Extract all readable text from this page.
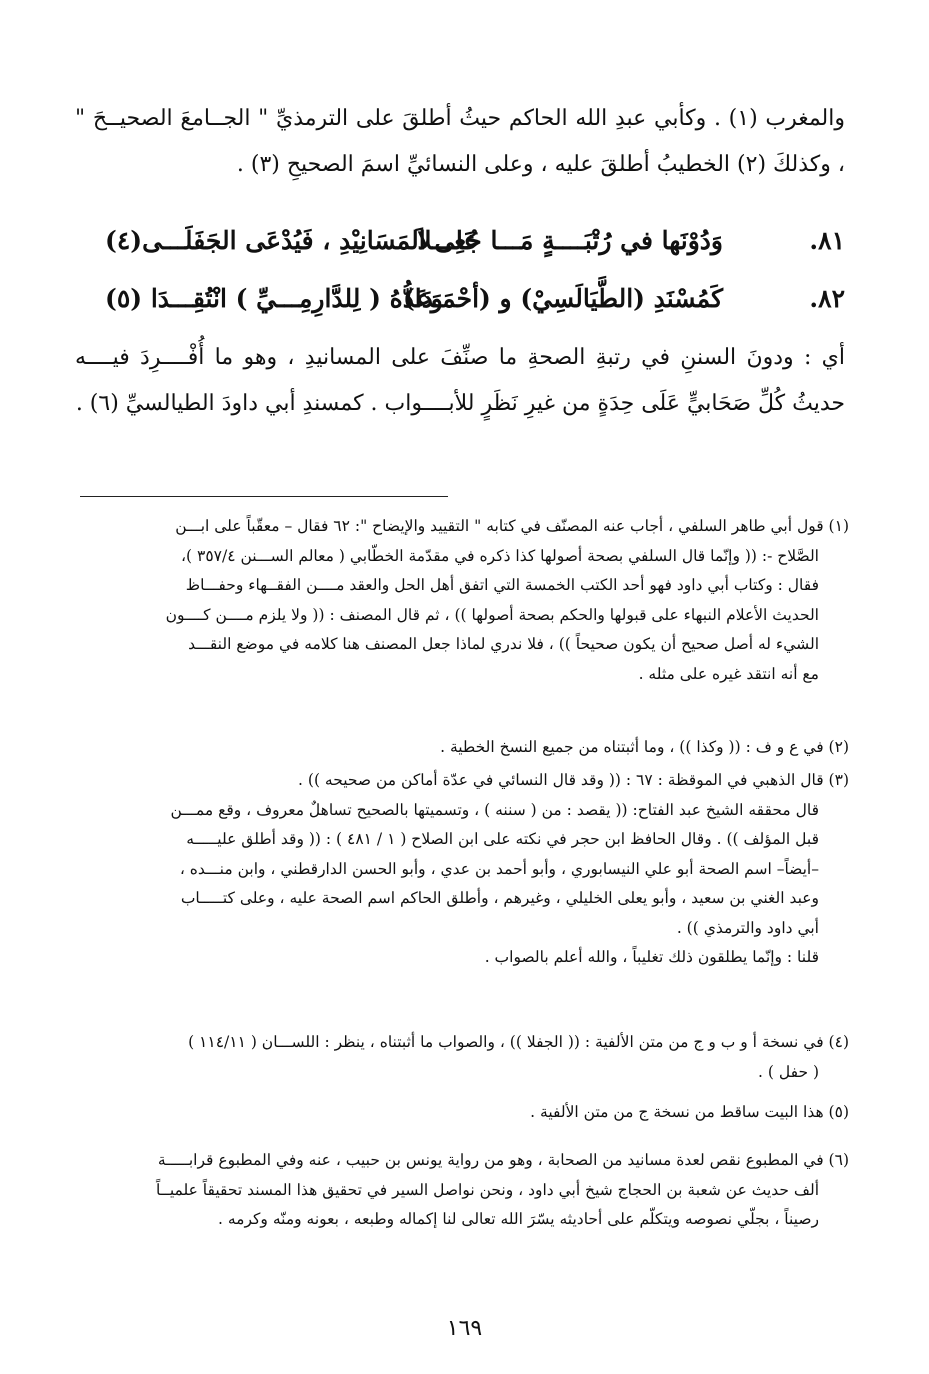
والمغرب (١) . وكأبي عبدِ الله الحاكم حيثُ أطلقَ على الترمذيِّ " الجــامعَ الصحيــحَ " ، وكذلكَ (٢) الخطيبُ أطلقَ عليه ، وعلى النسائيِّ اسمَ الصحيحِ (٣) .
٨١.
وَدُوْنَها في رُتْبَــــةٍ مَـــا جُعِـــلاَ
عَلى المَسَانِيْدِ ، فَيُدْعَى الجَفَلَـــى(٤)
٨٢.
كَمُسْنَدِ (الطَّيَالَسِيْ) و (أحْمَـدَا)
وَعَدُّهُ ( لِلدَّارِمِـــيِّ ) انْتُقِـــدَا (٥)
أي : ودونَ السننِ في رتبةِ الصحةِ ما صنِّفَ على المسانيدِ ، وهو ما أُفْــــرِدَ فيــــه حديثُ كُلِّ صَحَابيٍّ عَلَى حِدَةٍ من غيرِ نَظَرٍ للأبــــواب . كمسندِ أبي داودَ الطيالسيِّ (٦) .
(١) قول أبي طاهر السلفي ، أجاب عنه المصنّف في كتابه " التقييد والإيضاح ": ٦٢ فقال – معقّباً على ابـــن
الصَّلاح -: (( وإنّما قال السلفي بصحة أصولها كذا ذكره في مقدّمة الخطّابي ( معالم الســـنن ٣٥٧/٤ )،
فقال : وكتاب أبي داود فهو أحد الكتب الخمسة التي اتفق أهل الحل والعقد مــــن الفقــهاء وحفـــاظ
الحديث الأعلام النبهاء على قبولها والحكم بصحة أصولها )) ، ثم قال المصنف : (( ولا يلزم مــــن كــــون
الشيء له أصل صحيح أن يكون صحيحاً )) ، فلا ندري لماذا جعل المصنف هنا كلامه في موضع النقـــد
مع أنه انتقد غيره على مثله .
(٢) في ع و ف : (( وكذا )) ، وما أثبتناه من جميع النسخ الخطية .
(٣) قال الذهبي في الموقظة : ٦٧ : (( وقد قال النسائي في عدّة أماكن من صحيحه )) .
قال محققه الشيخ عبد الفتاح: (( يقصد : من ( سننه ) ، وتسميتها بالصحيح تساهلٌ معروف ، وقع ممـــن
قبل المؤلف )) . وقال الحافظ ابن حجر في نكته على ابن الصلاح ( ١ / ٤٨١ ) : (( وقد أطلق عليـــــه
–أيضاً– اسم الصحة أبو علي النيسابوري ، وأبو أحمد بن عدي ، وأبو الحسن الدارقطني ، وابن منـــده ،
وعبد الغني بن سعيد ، وأبو يعلى الخليلي ، وغيرهم ، وأطلق الحاكم اسم الصحة عليه ، وعلى كتـــــاب
أبي داود والترمذي )) .
قلنا : وإنّما يطلقون ذلك تغليباً ، والله أعلم بالصواب .
(٤) في نسخة أ و ب و ج من متن الألفية : (( الجفلا )) ، والصواب ما أثبتناه ، ينظر : اللســـان ( ١١٤/١١ )
( حفل ) .
(٥) هذا البيت ساقط من نسخة ج من متن الألفية .
(٦) في المطبوع نقص لعدة مسانيد من الصحابة ، وهو من رواية يونس بن حبيب ، عنه وفي المطبوع قرابـــــة
ألف حديث عن شعبة بن الحجاج شيخ أبي داود ، ونحن نواصل السير في تحقيق هذا المسند تحقيقاً علميــاً
رصيناً ، بجلّي نصوصه ويتكلّم على أحاديثه يسّرَ الله تعالى لنا إكماله وطبعه ، بعونه ومنّه وكرمه .
١٦٩
